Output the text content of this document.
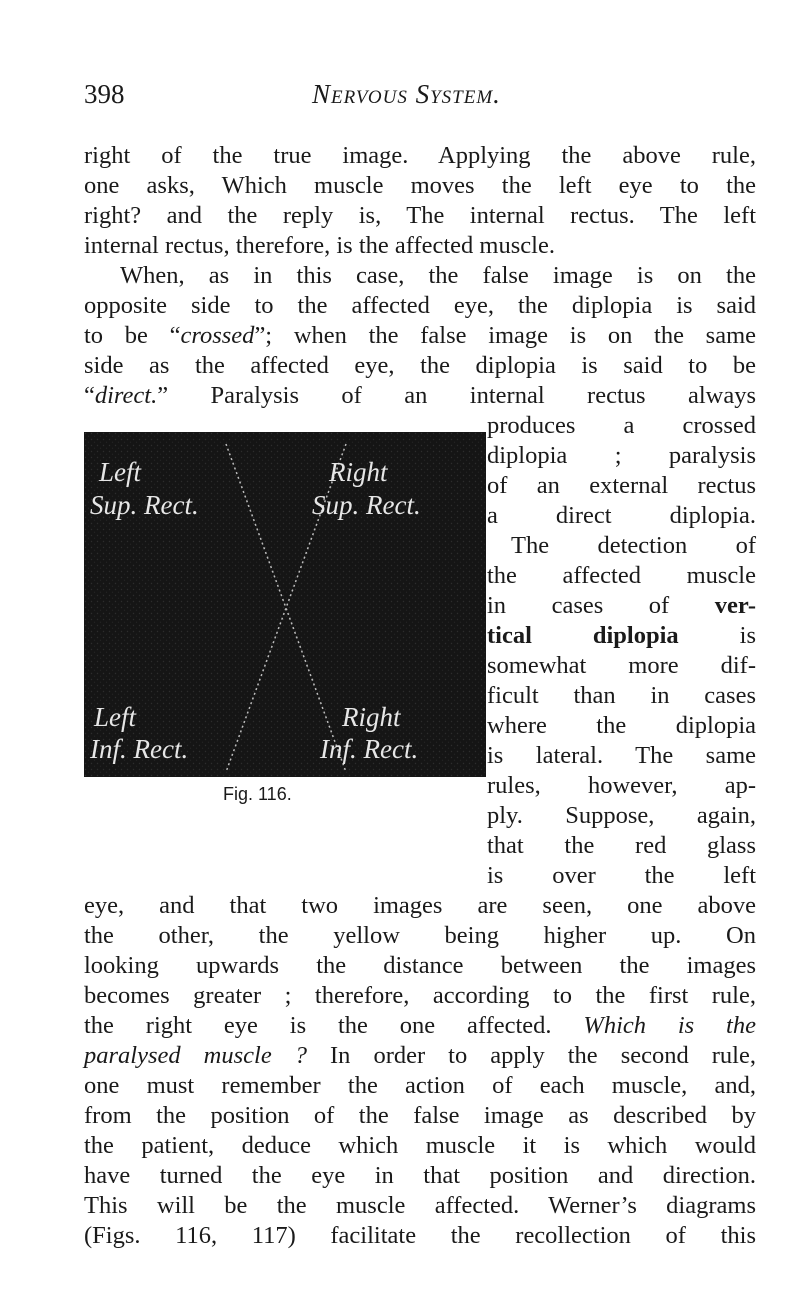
398	Nervous System.
right of the true image. Applying the above rule,
one asks, Which muscle moves the left eye to the
right? and the reply is, The internal rectus. The left
internal rectus, therefore, is the affected muscle.
When, as in this case, the false image is on the
opposite side to the affected eye, the diplopia is said
to be “crossed”; when the false image is on the same
side as the affected eye, the diplopia is said to be
“direct.” Paralysis of an internal rectus always
produces a crossed
diplopia ; paralysis
of an external rectus
a direct diplopia.
The detection of
the affected muscle
in cases of ver-
tical diplopia is
somewhat more dif-
ficult than in cases
where the diplopia
is lateral. The same
rules, however, ap-
ply. Suppose, again,
that the red glass
is over the left
eye, and that two images are seen, one above
the other, the yellow being higher up. On
looking upwards the distance between the images
becomes greater ; therefore, according to the first rule,
the right eye is the one affected. Which is the
paralysed muscle ? In order to apply the second rule,
one must remember the action of each muscle, and,
from the position of the false image as described by
the patient, deduce which muscle it is which would
have turned the eye in that position and direction.
This will be the muscle affected. Werner’s diagrams
(Figs. 116, 117) facilitate the recollection of this
Left
Sup. Rect.
Right
Sup. Rect.
Left
Inf. Rect.
Right
Inf. Rect.
Fig. 116.
